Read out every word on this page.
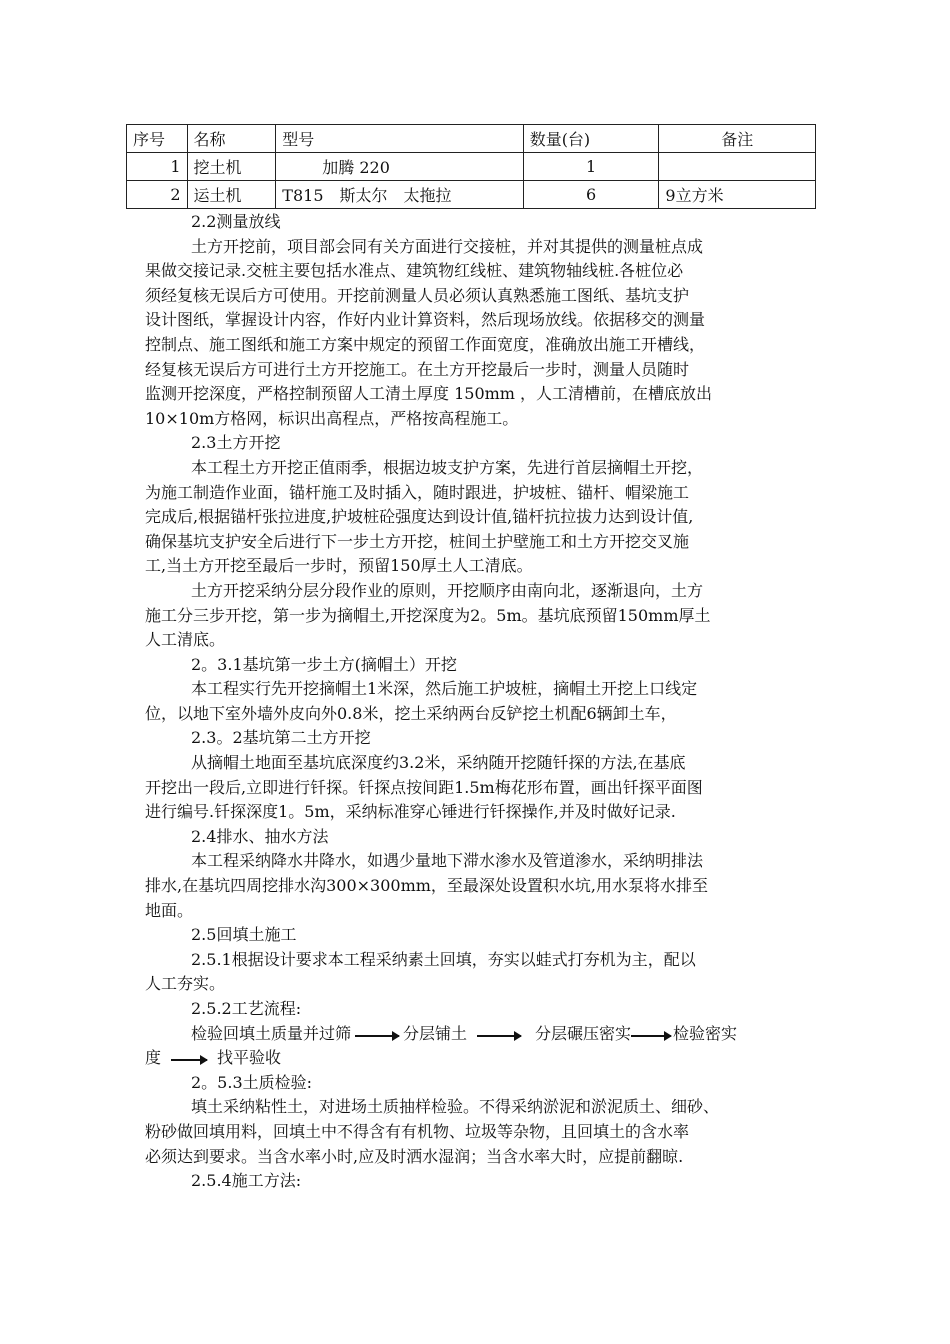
序号	名称	型号	数量(台)	备注
1	挖土机	加腾 220	1	
2	运土机	T815　斯太尔　太拖拉	6	9立方米
2.2测量放线
土方开挖前，项目部会同有关方面进行交接桩，并对其提供的测量桩点成
果做交接记录.交桩主要包括水准点、建筑物红线桩、建筑物轴线桩.各桩位必
须经复核无误后方可使用。开挖前测量人员必须认真熟悉施工图纸、基坑支护
设计图纸，掌握设计内容，作好内业计算资料，然后现场放线。依据移交的测量
控制点、施工图纸和施工方案中规定的预留工作面宽度，准确放出施工开槽线，
经复核无误后方可进行土方开挖施工。在土方开挖最后一步时，测量人员随时
监测开挖深度，严格控制预留人工清土厚度 150mm ，人工清槽前，在槽底放出
10×10m方格网，标识出高程点，严格按高程施工。
2.3土方开挖
本工程土方开挖正值雨季，根据边坡支护方案，先进行首层摘帽土开挖，
为施工制造作业面，锚杆施工及时插入，随时跟进，护坡桩、锚杆、帽梁施工
完成后,根据锚杆张拉进度,护坡桩砼强度达到设计值,锚杆抗拉拔力达到设计值,
确保基坑支护安全后进行下一步土方开挖，桩间土护壁施工和土方开挖交叉施
工,当土方开挖至最后一步时，预留150厚土人工清底。
土方开挖采纳分层分段作业的原则，开挖顺序由南向北，逐渐退向，土方
施工分三步开挖，第一步为摘帽土,开挖深度为2。5m。基坑底预留150mm厚土
人工清底。
2。3.1基坑第一步土方(摘帽土）开挖
本工程实行先开挖摘帽土1米深，然后施工护坡桩，摘帽土开挖上口线定
位，以地下室外墙外皮向外0.8米，挖土采纳两台反铲挖土机配6辆卸土车，
2.3。2基坑第二土方开挖
从摘帽土地面至基坑底深度约3.2米，采纳随开挖随钎探的方法,在基底
开挖出一段后,立即进行钎探。钎探点按间距1.5m梅花形布置，画出钎探平面图
进行编号.钎探深度1。5m，采纳标准穿心锤进行钎探操作,并及时做好记录.
2.4排水、抽水方法
本工程采纳降水井降水，如遇少量地下滞水渗水及管道渗水，采纳明排法
排水,在基坑四周挖排水沟300×300mm，至最深处设置积水坑,用水泵将水排至
地面。
2.5回填土施工
2.5.1根据设计要求本工程采纳素土回填，夯实以蛙式打夯机为主，配以
人工夯实。
2.5.2工艺流程:
检验回填土质量并过筛	分层铺土	分层碾压密实	检验密实
度	找平验收
2。5.3土质检验:
填土采纳粘性土，对进场土质抽样检验。不得采纳淤泥和淤泥质土、细砂、
粉砂做回填用料，回填土中不得含有有机物、垃圾等杂物，且回填土的含水率
必须达到要求。当含水率小时,应及时洒水湿润；当含水率大时，应提前翻晾.
2.5.4施工方法:
